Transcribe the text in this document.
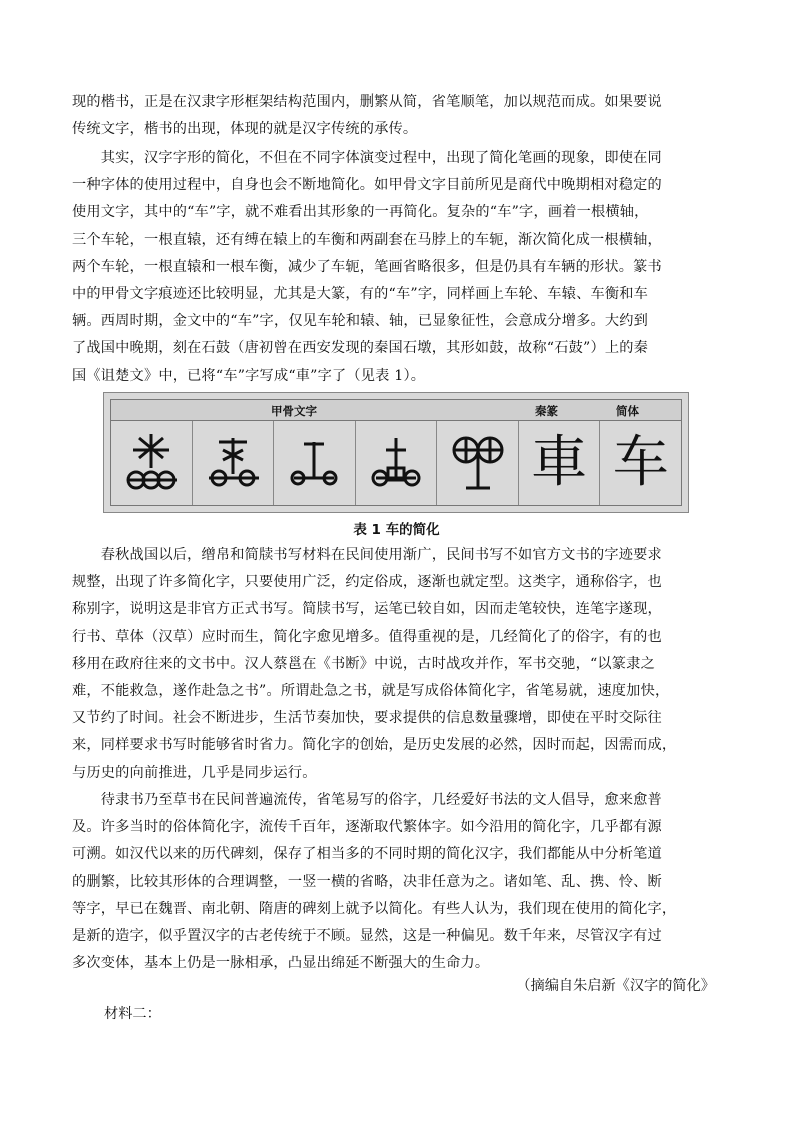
现的楷书，正是在汉隶字形框架结构范围内，删繁从简，省笔顺笔，加以规范而成。如果要说
传统文字，楷书的出现，体现的就是汉字传统的承传。
　　其实，汉字字形的简化，不但在不同字体演变过程中，出现了简化笔画的现象，即使在同
一种字体的使用过程中，自身也会不断地简化。如甲骨文字目前所见是商代中晚期相对稳定的
使用文字，其中的“车”字，就不难看出其形象的一再简化。复杂的“车”字，画着一根横轴，
三个车轮，一根直辕，还有缚在辕上的车衡和两副套在马脖上的车轭，渐次简化成一根横轴，
两个车轮，一根直辕和一根车衡，减少了车轭，笔画省略很多，但是仍具有车辆的形状。篆书
中的甲骨文字痕迹还比较明显，尤其是大篆，有的“车”字，同样画上车轮、车辕、车衡和车
辆。西周时期，金文中的“车”字，仅见车轮和辕、轴，已显象征性，会意成分增多。大约到
了战国中晚期，刻在石鼓（唐初曾在西安发现的秦国石墩，其形如鼓，故称“石鼓”）上的秦
国《诅楚文》中，已将“车”字写成“車”字了（见表 1）。
甲骨文字	秦篆	简体
車 车
表 1 车的简化
　　春秋战国以后，缯帛和简牍书写材料在民间使用渐广，民间书写不如官方文书的字迹要求
规整，出现了许多简化字，只要使用广泛，约定俗成，逐渐也就定型。这类字，通称俗字，也
称别字，说明这是非官方正式书写。简牍书写，运笔已较自如，因而走笔较快，连笔字遂现，
行书、草体（汉草）应时而生，简化字愈见增多。值得重视的是，几经简化了的俗字，有的也
移用在政府往来的文书中。汉人蔡邕在《书断》中说，古时战攻并作，军书交驰，“以篆隶之
难，不能救急，遂作赴急之书”。所谓赴急之书，就是写成俗体简化字，省笔易就，速度加快，
又节约了时间。社会不断进步，生活节奏加快，要求提供的信息数量骤增，即使在平时交际往
来，同样要求书写时能够省时省力。简化字的创始，是历史发展的必然，因时而起，因需而成，
与历史的向前推进，几乎是同步运行。
　　待隶书乃至草书在民间普遍流传，省笔易写的俗字，几经爱好书法的文人倡导，愈来愈普
及。许多当时的俗体简化字，流传千百年，逐渐取代繁体字。如今沿用的简化字，几乎都有源
可溯。如汉代以来的历代碑刻，保存了相当多的不同时期的简化汉字，我们都能从中分析笔道
的删繁，比较其形体的合理调整，一竖一横的省略，决非任意为之。诸如笔、乱、携、怜、断
等字，早已在魏晋、南北朝、隋唐的碑刻上就予以简化。有些人认为，我们现在使用的简化字，
是新的造字，似乎置汉字的古老传统于不顾。显然，这是一种偏见。数千年来，尽管汉字有过
多次变体，基本上仍是一脉相承，凸显出绵延不断强大的生命力。
（摘编自朱启新《汉字的简化》
材料二：
